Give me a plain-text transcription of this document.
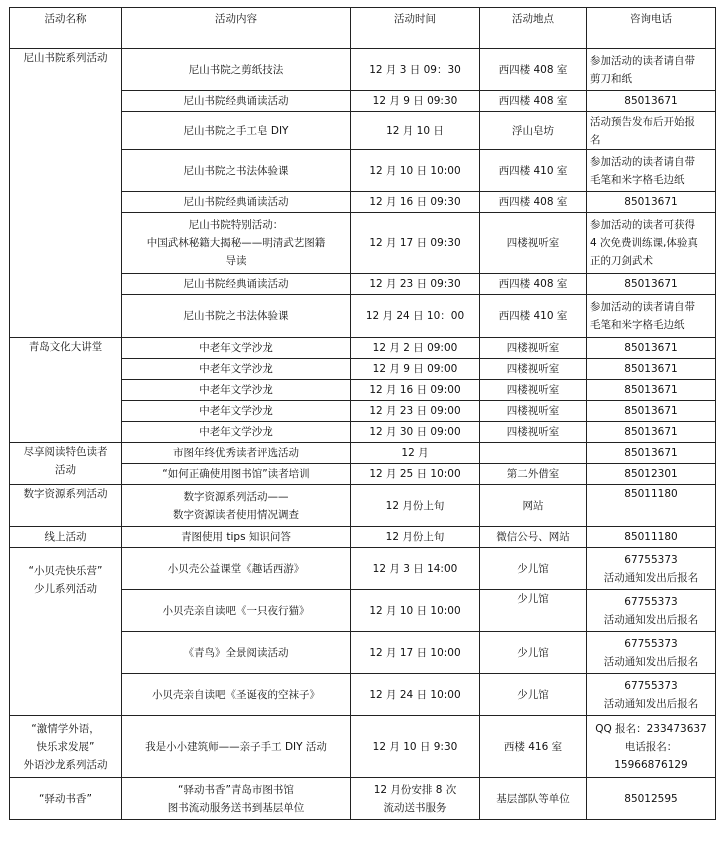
活动名称	活动内容	活动时间	活动地点	咨询电话
尼山书院系列活动	尼山书院之剪纸技法	12 月 3 日 09：30	西四楼 408 室	参加活动的读者请自带
剪刀和纸
	尼山书院经典诵读活动	12 月 9 日 09:30	西四楼 408 室	85013671
	尼山书院之手工皂 DIY	12 月 10 日	浮山皂坊	活动预告发布后开始报
名
	尼山书院之书法体验课	12 月 10 日 10:00	西四楼 410 室	参加活动的读者请自带
毛笔和米字格毛边纸
	尼山书院经典诵读活动	12 月 16 日 09:30	西四楼 408 室	85013671
	尼山书院特别活动：
中国武林秘籍大揭秘——明清武艺图籍
导读	12 月 17 日 09:30	四楼视听室	参加活动的读者可获得
4 次免费训练课,体验真
正的刀剑武术
	尼山书院经典诵读活动	12 月 23 日 09:30	西四楼 408 室	85013671
	尼山书院之书法体验课	12 月 24 日 10：00	西四楼 410 室	参加活动的读者请自带
毛笔和米字格毛边纸
青岛文化大讲堂	中老年文学沙龙	12 月 2 日 09:00	四楼视听室	85013671
	中老年文学沙龙	12 月 9 日 09:00	四楼视听室	85013671
	中老年文学沙龙	12 月 16 日 09:00	四楼视听室	85013671
	中老年文学沙龙	12 月 23 日 09:00	四楼视听室	85013671
	中老年文学沙龙	12 月 30 日 09:00	四楼视听室	85013671
尽享阅读特色读者
活动	市图年终优秀读者评选活动	12 月		85013671
	“如何正确使用图书馆”读者培训	12 月 25 日 10:00	第二外借室	85012301
数字资源系列活动	数字资源系列活动——
数字资源读者使用情况调查	12 月份上旬	网站	85011180
线上活动	青图使用 tips 知识问答	12 月份上旬	微信公号、网站	85011180
“小贝壳快乐营”
少儿系列活动	小贝壳公益课堂《趣话西游》	12 月 3 日 14:00	少儿馆	67755373
活动通知发出后报名
	小贝壳亲自读吧《一只夜行猫》	12 月 10 日 10:00	少儿馆	67755373
活动通知发出后报名
	《青鸟》全景阅读活动	12 月 17 日 10:00	少儿馆	67755373
活动通知发出后报名
	小贝壳亲自读吧《圣诞夜的空袜子》	12 月 24 日 10:00	少儿馆	67755373
活动通知发出后报名
“激情学外语，
快乐求发展”
外语沙龙系列活动	我是小小建筑师——亲子手工 DIY 活动	12 月 10 日 9:30	西楼 416 室	QQ 报名：233473637
电话报名：15966876129
“驿动书香”	“驿动书香”青岛市图书馆
图书流动服务送书到基层单位	12 月份安排 8 次
流动送书服务	基层部队等单位	85012595
